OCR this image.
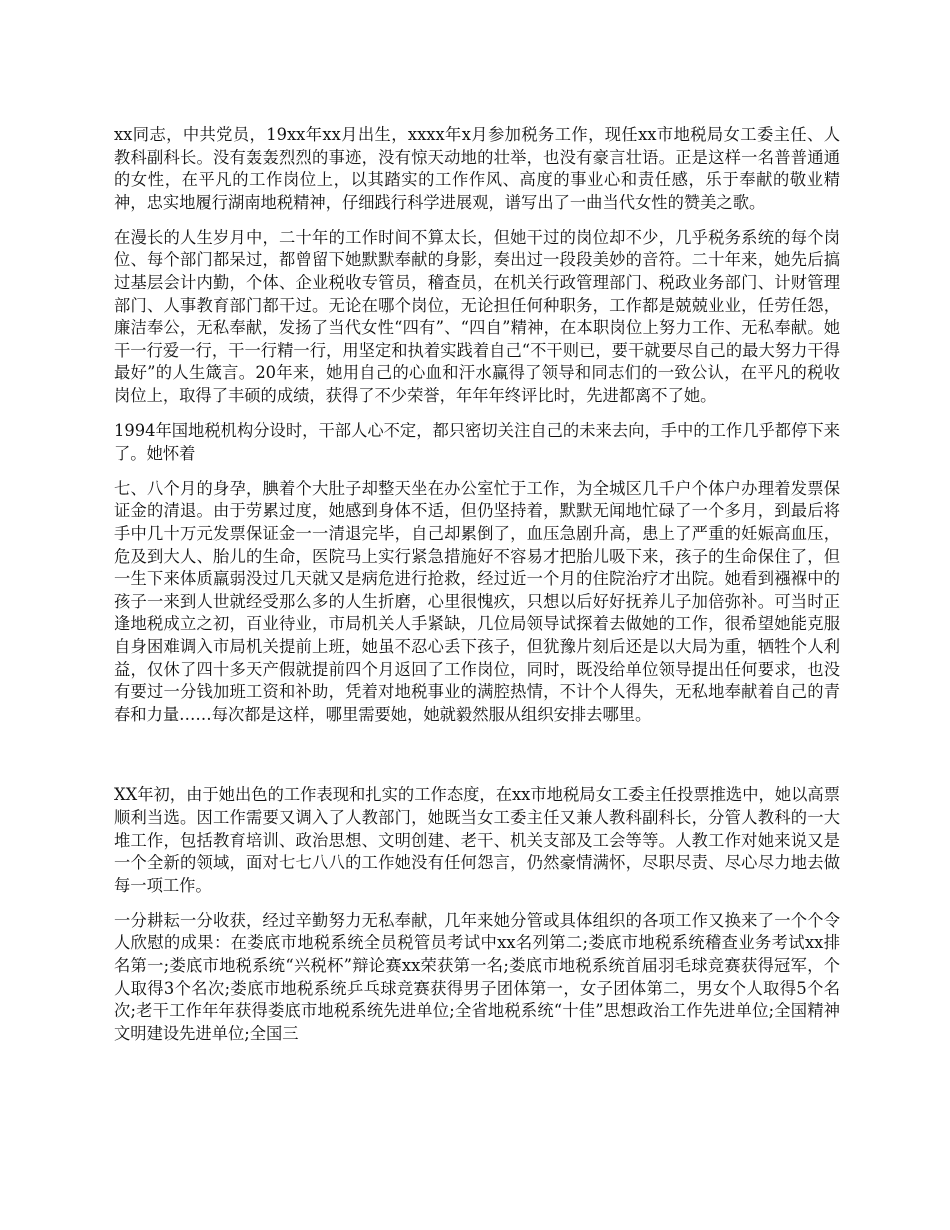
xx同志，中共党员，19xx年xx月出生，xxxx年x月参加税务工作，现任xx市地税局女工委主任、人教科副科长。没有轰轰烈烈的事迹，没有惊天动地的壮举，也没有豪言壮语。正是这样一名普普通通的女性，在平凡的工作岗位上，以其踏实的工作作风、高度的事业心和责任感，乐于奉献的敬业精神，忠实地履行湖南地税精神，仔细践行科学进展观，谱写出了一曲当代女性的赞美之歌。

在漫长的人生岁月中，二十年的工作时间不算太长，但她干过的岗位却不少，几乎税务系统的每个岗位、每个部门都呆过，都曾留下她默默奉献的身影，奏出过一段段美妙的音符。二十年来，她先后搞过基层会计内勤，个体、企业税收专管员，稽查员，在机关行政管理部门、税政业务部门、计财管理部门、人事教育部门都干过。无论在哪个岗位，无论担任何种职务，工作都是兢兢业业，任劳任怨，廉洁奉公，无私奉献，发扬了当代女性“四有”、“四自”精神，在本职岗位上努力工作、无私奉献。她干一行爱一行，干一行精一行，用坚定和执着实践着自己“不干则已，要干就要尽自己的最大努力干得最好”的人生箴言。20年来，她用自己的心血和汗水赢得了领导和同志们的一致公认，在平凡的税收岗位上，取得了丰硕的成绩，获得了不少荣誉，年年年终评比时，先进都离不了她。

1994年国地税机构分设时，干部人心不定，都只密切关注自己的未来去向，手中的工作几乎都停下来了。她怀着

七、八个月的身孕，腆着个大肚子却整天坐在办公室忙于工作，为全城区几千户个体户办理着发票保证金的清退。由于劳累过度，她感到身体不适，但仍坚持着，默默无闻地忙碌了一个多月，到最后将手中几十万元发票保证金一一清退完毕，自己却累倒了，血压急剧升高，患上了严重的妊娠高血压，危及到大人、胎儿的生命，医院马上实行紧急措施好不容易才把胎儿吸下来，孩子的生命保住了，但一生下来体质羸弱没过几天就又是病危进行抢救，经过近一个月的住院治疗才出院。她看到襁褓中的孩子一来到人世就经受那么多的人生折磨，心里很愧疚，只想以后好好抚养儿子加倍弥补。可当时正逢地税成立之初，百业待业，市局机关人手紧缺，几位局领导试探着去做她的工作，很希望她能克服自身困难调入市局机关提前上班，她虽不忍心丢下孩子，但犹豫片刻后还是以大局为重，牺牲个人利益，仅休了四十多天产假就提前四个月返回了工作岗位，同时，既没给单位领导提出任何要求，也没有要过一分钱加班工资和补助，凭着对地税事业的满腔热情，不计个人得失，无私地奉献着自己的青春和力量……每次都是这样，哪里需要她，她就毅然服从组织安排去哪里。

XX年初，由于她出色的工作表现和扎实的工作态度，在xx市地税局女工委主任投票推选中，她以高票顺利当选。因工作需要又调入了人教部门，她既当女工委主任又兼人教科副科长，分管人教科的一大堆工作，包括教育培训、政治思想、文明创建、老干、机关支部及工会等等。人教工作对她来说又是一个全新的领域，面对七七八八的工作她没有任何怨言，仍然豪情满怀，尽职尽责、尽心尽力地去做每一项工作。

一分耕耘一分收获，经过辛勤努力无私奉献，几年来她分管或具体组织的各项工作又换来了一个个令人欣慰的成果：在娄底市地税系统全员税管员考试中xx名列第二;娄底市地税系统稽查业务考试xx排名第一;娄底市地税系统“兴税杯”辩论赛xx荣获第一名;娄底市地税系统首届羽毛球竞赛获得冠军，个人取得3个名次;娄底市地税系统乒乓球竞赛获得男子团体第一，女子团体第二，男女个人取得5个名次;老干工作年年获得娄底市地税系统先进单位;全省地税系统“十佳”思想政治工作先进单位;全国精神文明建设先进单位;全国三
